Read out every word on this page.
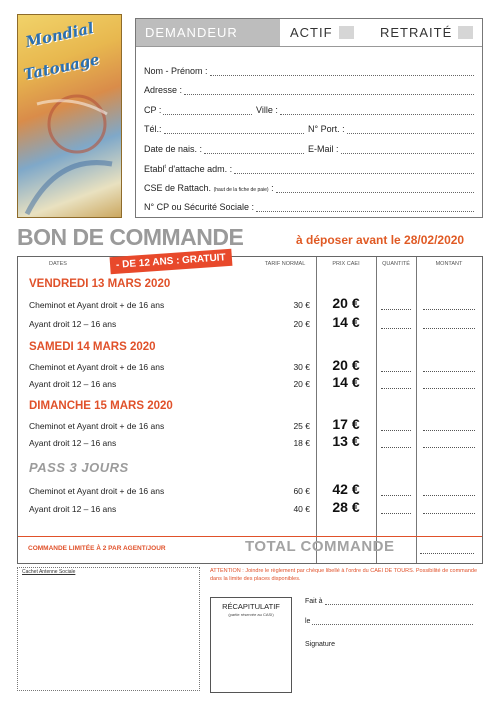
Mondial
Tatouage
DEMANDEUR	ACTIF	RETRAITÉ
Nom - Prénom :
Adresse :
CP :	Ville :
Tél.:	N° Port. :
Date de nais. :	E-Mail :
Etabl$^t$ d'attache adm. :
CSE de Rattach. (haut de la fiche de paie) :
N° CP ou Sécurité Sociale :
BON DE COMMANDE	à déposer avant le 28/02/2020
DATES	TARIF NORMAL	PRIX CAEI	QUANTITÉ	MONTANT
VENDREDI 13 MARS 2020
Cheminot et Ayant droit + de 16 ans	30 €	20 €
Ayant droit 12 – 16 ans	20 €	14 €
SAMEDI 14 MARS 2020
Cheminot et Ayant droit + de 16 ans	30 €	20 €
Ayant droit 12 – 16 ans	20 €	14 €
DIMANCHE 15 MARS 2020
Cheminot et Ayant droit + de 16 ans	25 €	17 €
Ayant droit 12 – 16 ans	18 €	13 €
PASS 3 JOURS
Cheminot et Ayant droit + de 16 ans	60 €	42 €
Ayant droit 12 – 16 ans	40 €	28 €
- DE 12 ANS : GRATUIT
COMMANDE LIMITÉE À 2 PAR AGENT/JOUR	TOTAL COMMANDE
Cachet Antenne Sociale	ATTENTION : Joindre le règlement par chèque libellé à l'ordre du CAEI DE TOURS. Possibilité de commande dans la limite des places disponibles.
RÉCAPITULATIF
(partie réservée au CASI)
Fait à
le
Signature
